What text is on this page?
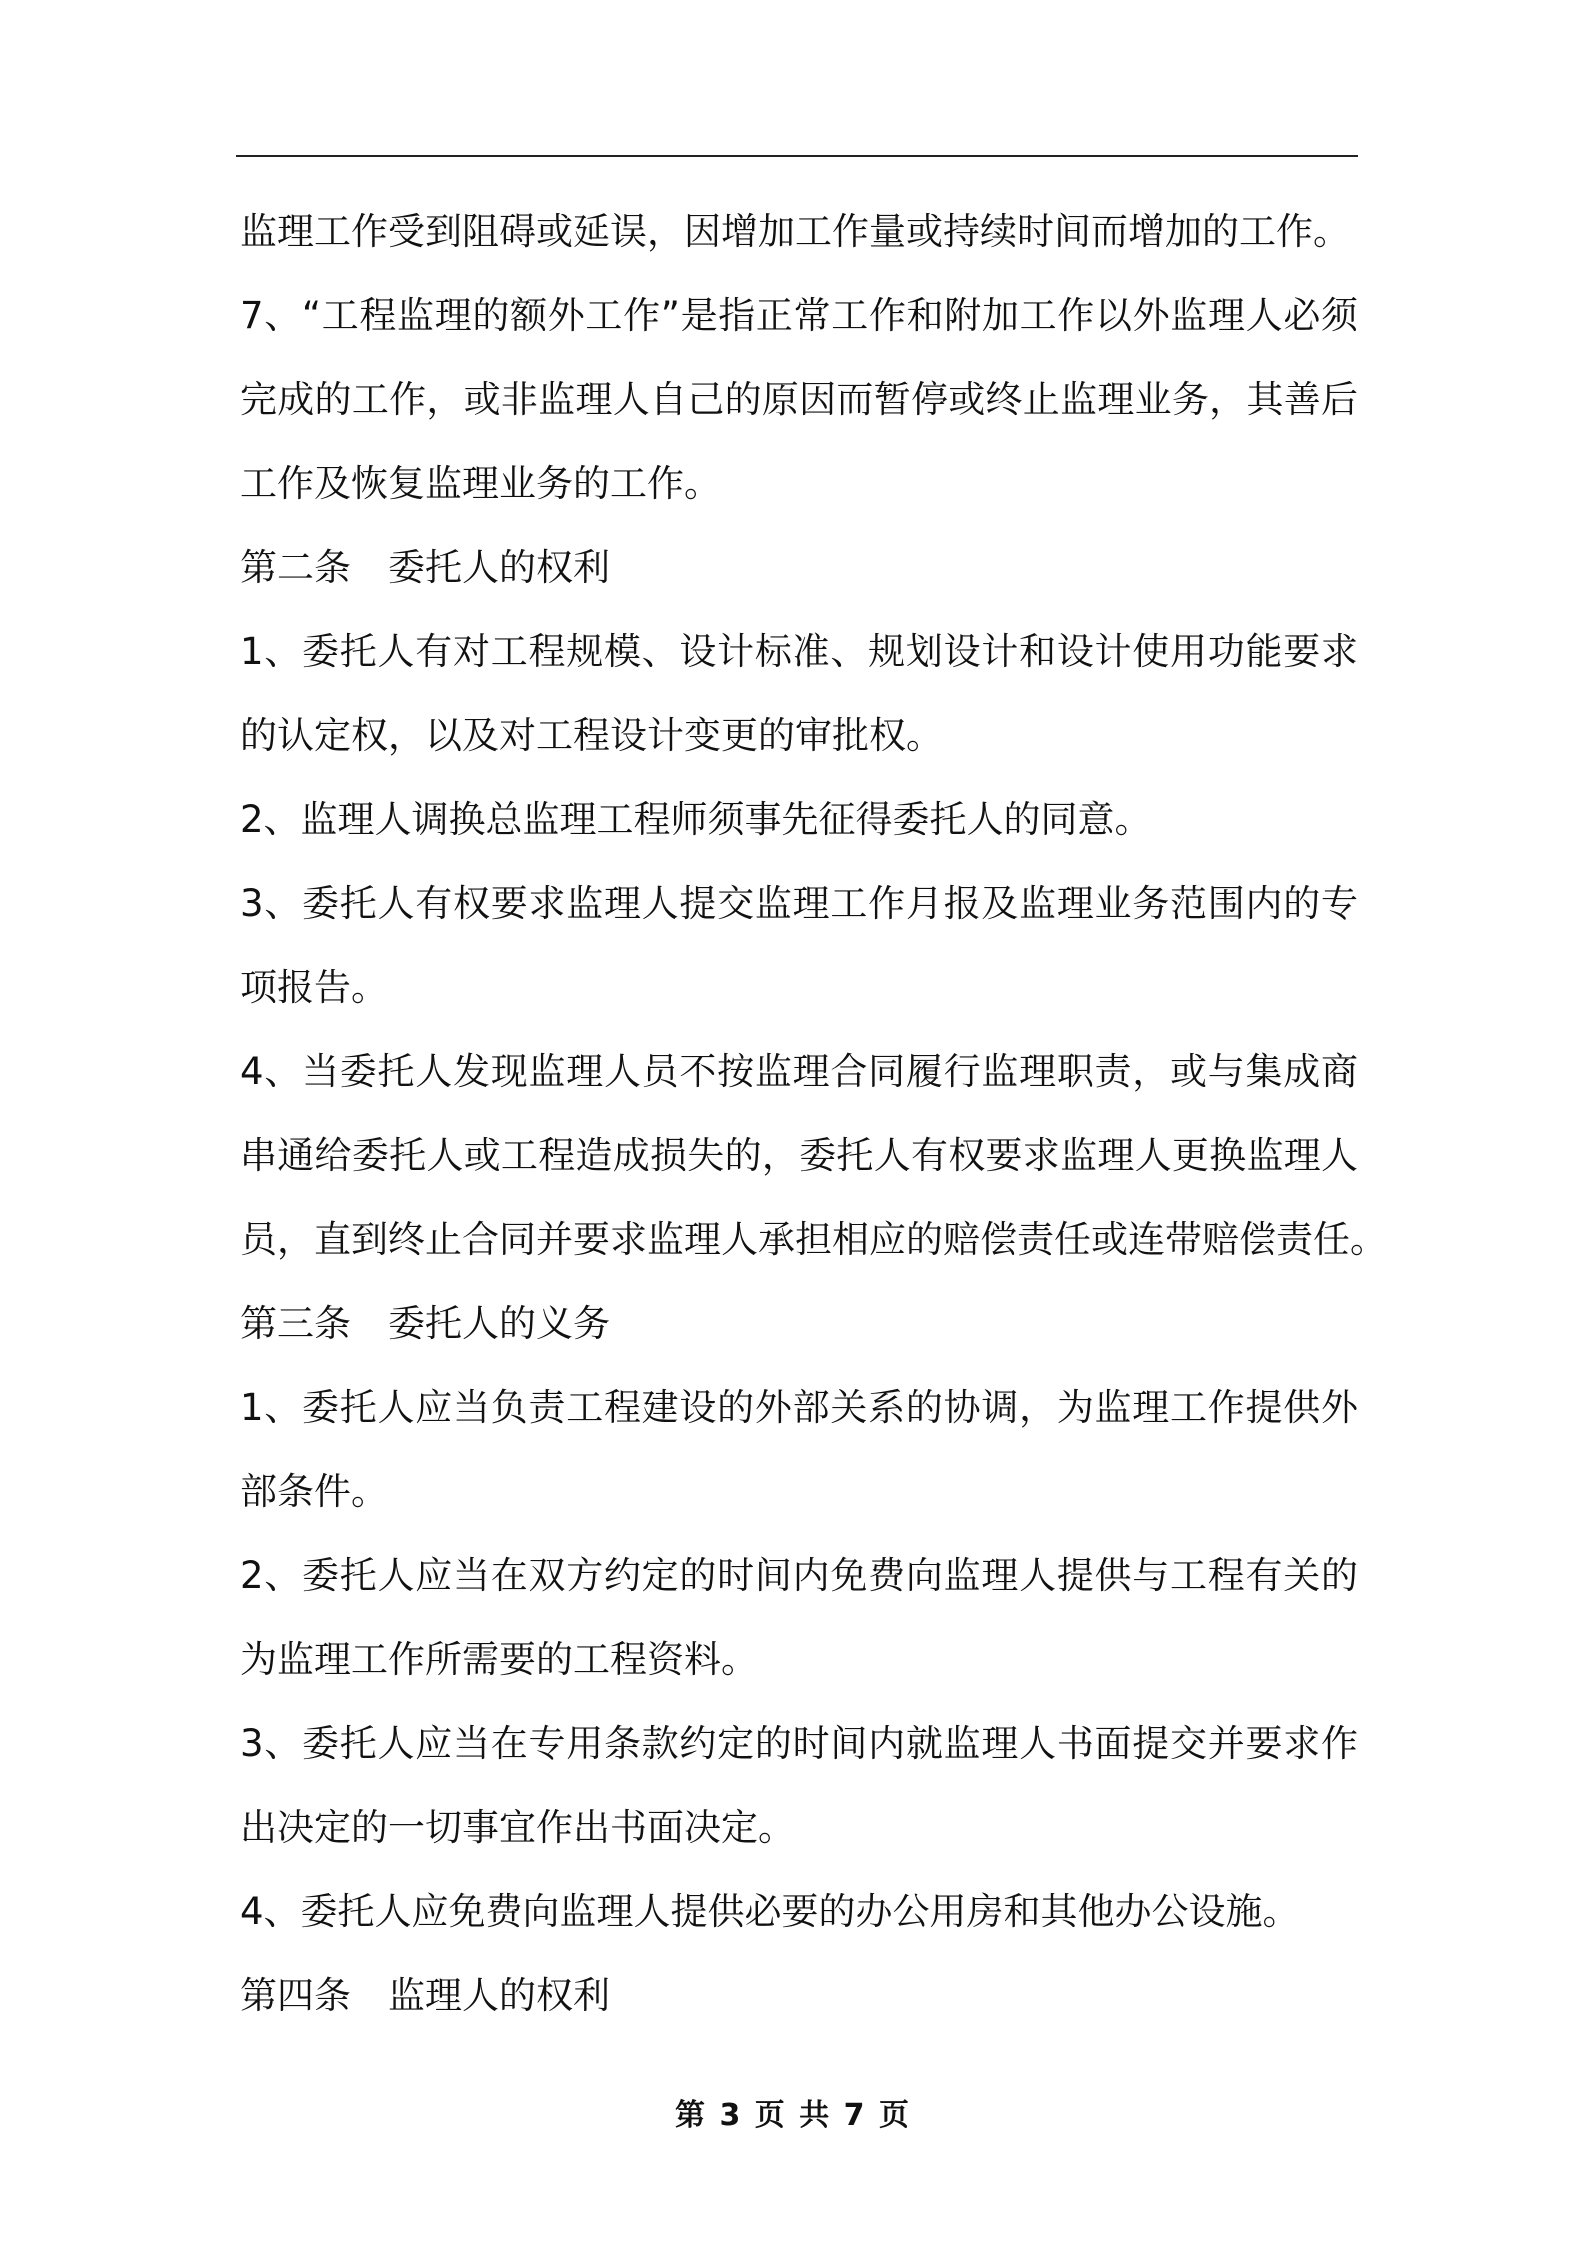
监理工作受到阻碍或延误，因增加工作量或持续时间而增加的工作。
7、“工程监理的额外工作”是指正常工作和附加工作以外监理人必须
完成的工作，或非监理人自己的原因而暂停或终止监理业务，其善后
工作及恢复监理业务的工作。
第二条　委托人的权利
1、委托人有对工程规模、设计标准、规划设计和设计使用功能要求
的认定权，以及对工程设计变更的审批权。
2、监理人调换总监理工程师须事先征得委托人的同意。
3、委托人有权要求监理人提交监理工作月报及监理业务范围内的专
项报告。
4、当委托人发现监理人员不按监理合同履行监理职责，或与集成商
串通给委托人或工程造成损失的，委托人有权要求监理人更换监理人
员，直到终止合同并要求监理人承担相应的赔偿责任或连带赔偿责任。
第三条　委托人的义务
1、委托人应当负责工程建设的外部关系的协调，为监理工作提供外
部条件。
2、委托人应当在双方约定的时间内免费向监理人提供与工程有关的
为监理工作所需要的工程资料。
3、委托人应当在专用条款约定的时间内就监理人书面提交并要求作
出决定的一切事宜作出书面决定。
4、委托人应免费向监理人提供必要的办公用房和其他办公设施。
第四条　监理人的权利
第 3 页 共 7 页
